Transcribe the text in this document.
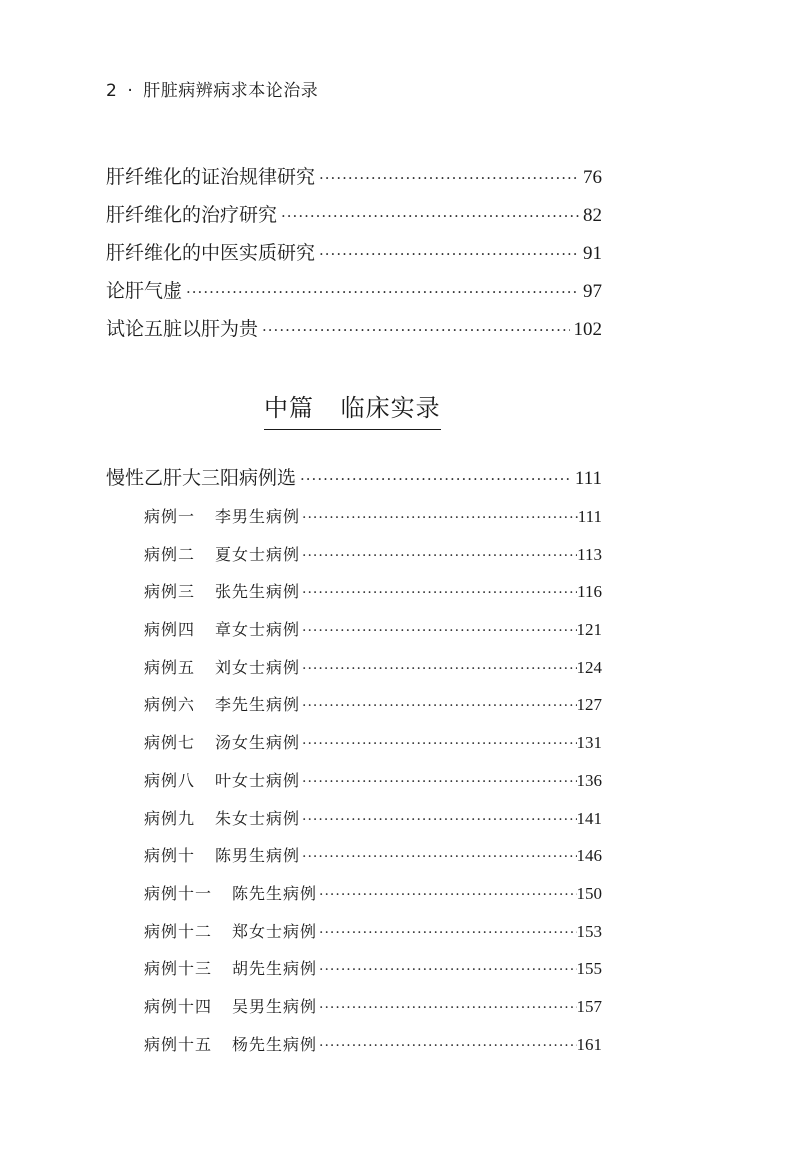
2 · 肝脏病辨病求本论治录
肝纤维化的证治规律研究 ·····	76
肝纤维化的治疗研究 ·····	82
肝纤维化的中医实质研究 ·····	91
论肝气虚 ·····	97
试论五脏以肝为贵 ·····	102
中篇 临床实录
慢性乙肝大三阳病例选 ·····	111
病例一 李男生病例 ·····	111
病例二 夏女士病例 ·····	113
病例三 张先生病例 ·····	116
病例四 章女士病例 ·····	121
病例五 刘女士病例 ·····	124
病例六 李先生病例 ·····	127
病例七 汤女生病例 ·····	131
病例八 叶女士病例 ·····	136
病例九 朱女士病例 ·····	141
病例十 陈男生病例 ·····	146
病例十一 陈先生病例 ·····	150
病例十二 郑女士病例 ·····	153
病例十三 胡先生病例 ·····	155
病例十四 吴男生病例 ·····	157
病例十五 杨先生病例 ·····	161
